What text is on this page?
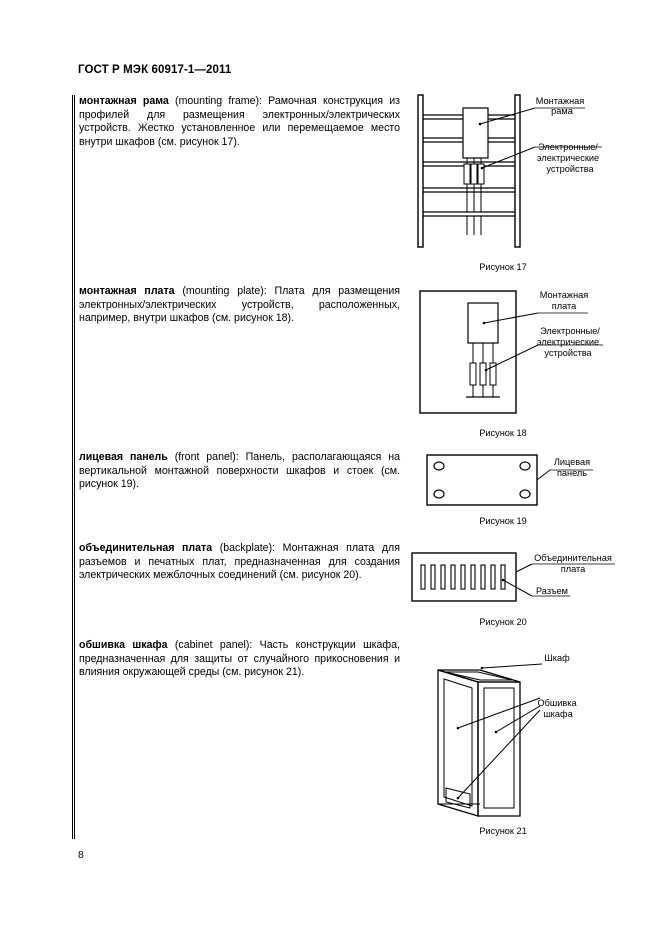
ГОСТ Р МЭК 60917-1—2011
монтажная рама (mounting frame): Рамочная конструкция из профилей для размещения электронных/электрических устройств. Жестко установленное или перемещаемое место внутри шкафов (см. рисунок 17).
монтажная плата (mounting plate): Плата для размещения электронных/электрических устройств, расположенных, например, внутри шкафов (см. рисунок 18).
лицевая панель (front panel): Панель, располагающаяся на вертикальной монтажной поверхности шкафов и стоек (см. рисунок 19).
объединительная плата (backplate): Монтажная плата для разъемов и печатных плат, предназначенная для создания электрических межблочных соединений (см. рисунок 20).
обшивка шкафа (cabinet panel): Часть конструкции шкафа, предназначенная для защиты от случайного прикосновения и влияния окружающей среды (см. рисунок 21).
Монтажная
рама
Электронные/
электрические
устройства
Рисунок 17
Монтажная
плата
Электронные/
электрические
устройства
Рисунок 18
Лицевая
панель
Рисунок 19
Объединительная
плата
Разъем
Рисунок 20
Шкаф
Обшивка
шкафа
Рисунок 21
8
